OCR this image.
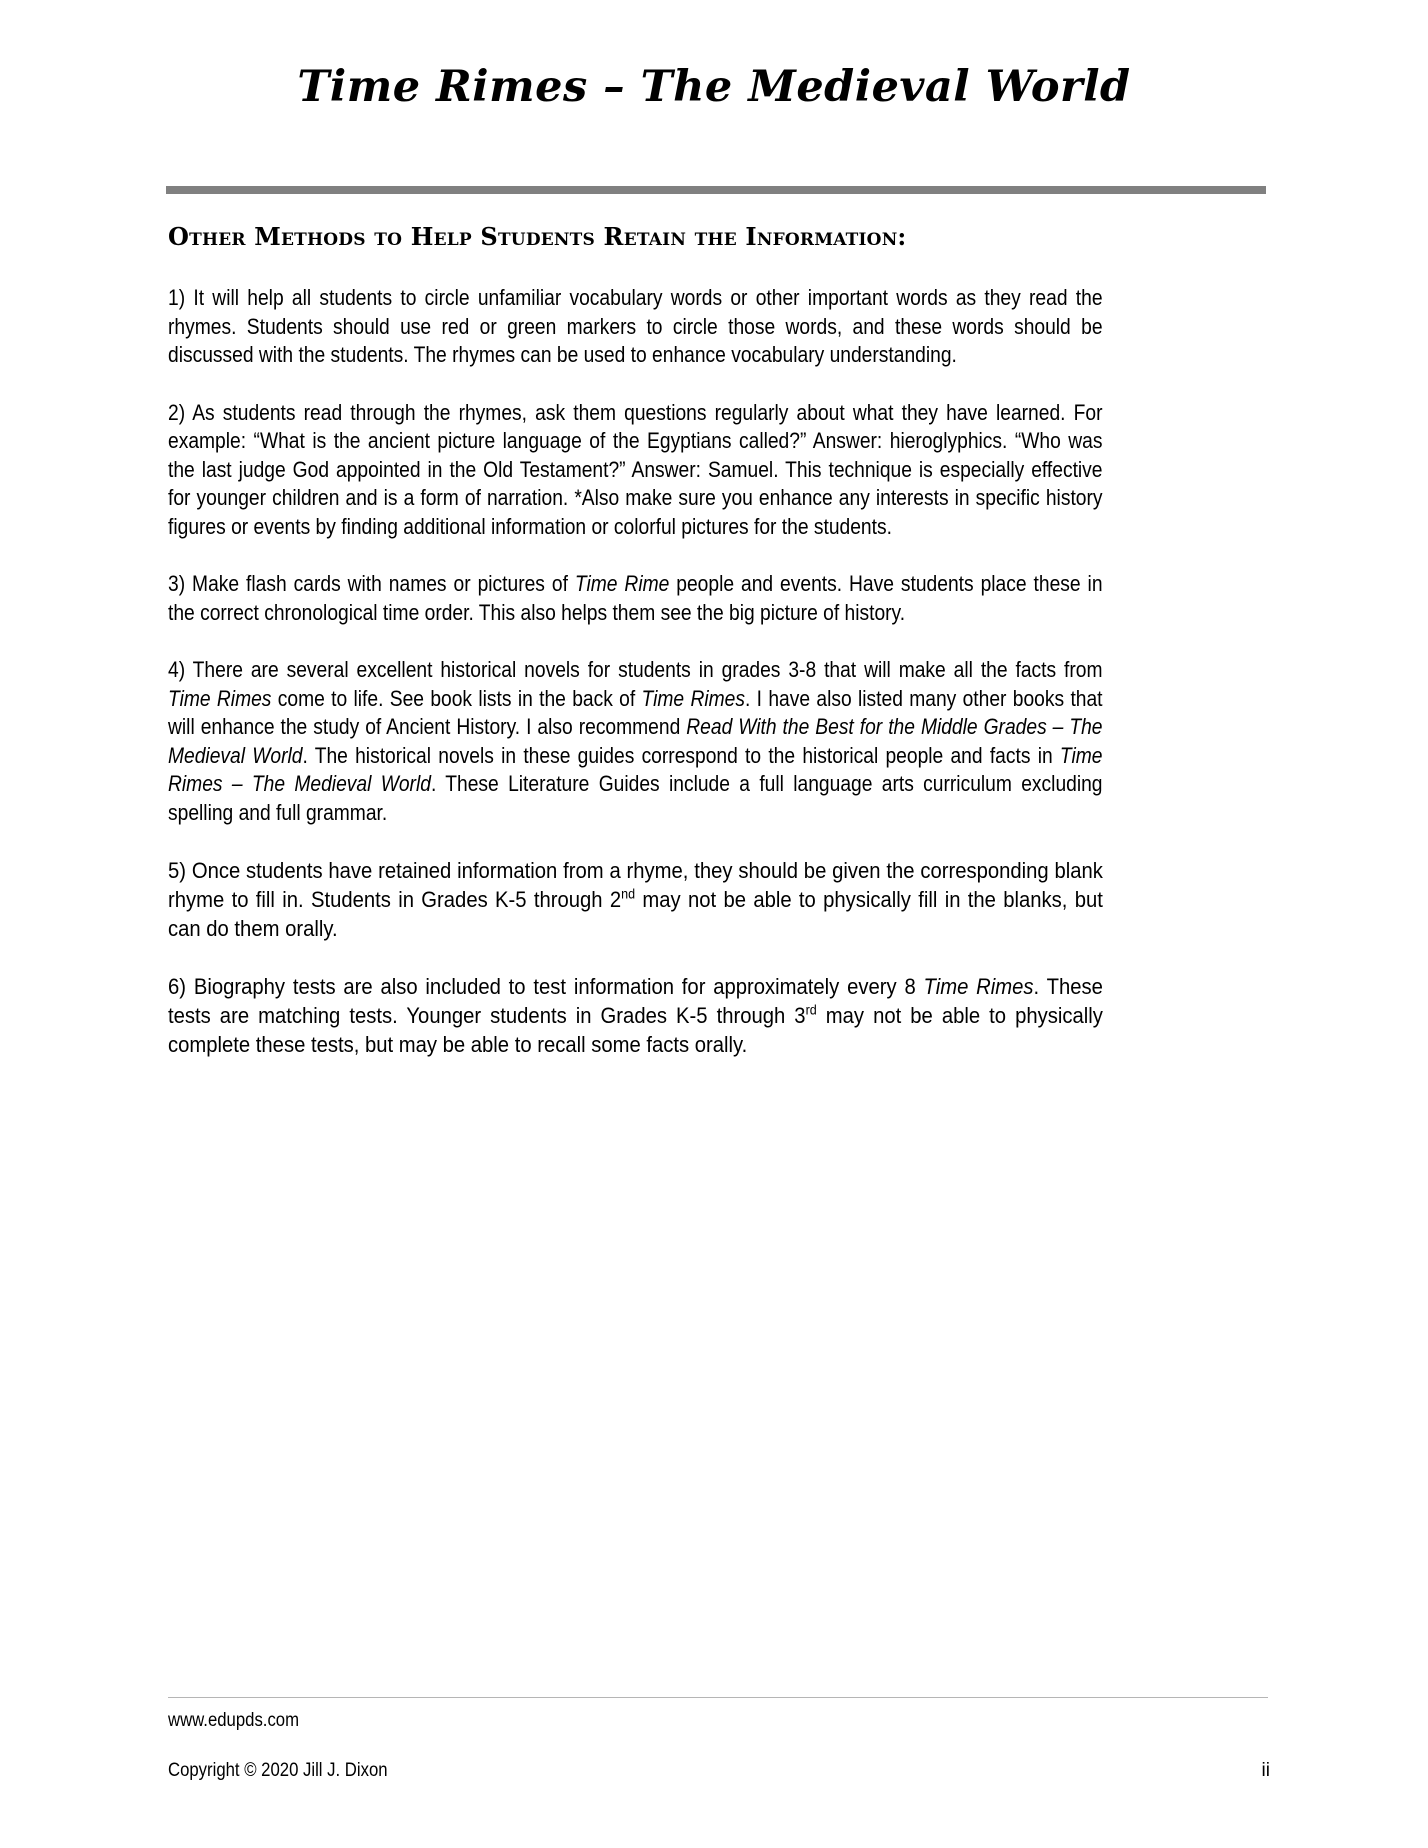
Time Rimes – The Medieval World
Other Methods to Help Students Retain the Information:

1) It will help all students to circle unfamiliar vocabulary words or other important words as they read the rhymes. Students should use red or green markers to circle those words, and these words should be discussed with the students. The rhymes can be used to enhance vocabulary understanding.

2) As students read through the rhymes, ask them questions regularly about what they have learned. For example: “What is the ancient picture language of the Egyptians called?” Answer: hieroglyphics. “Who was the last judge God appointed in the Old Testament?” Answer: Samuel. This technique is especially effective for younger children and is a form of narration. *Also make sure you enhance any interests in specific history figures or events by finding additional information or colorful pictures for the students.

3) Make flash cards with names or pictures of Time Rime people and events. Have students place these in the correct chronological time order. This also helps them see the big picture of history.

4) There are several excellent historical novels for students in grades 3-8 that will make all the facts from Time Rimes come to life. See book lists in the back of Time Rimes. I have also listed many other books that will enhance the study of Ancient History. I also recommend Read With the Best for the Middle Grades – The Medieval World. The historical novels in these guides correspond to the historical people and facts in Time Rimes – The Medieval World. These Literature Guides include a full language arts curriculum excluding spelling and full grammar.

5) Once students have retained information from a rhyme, they should be given the corresponding blank rhyme to fill in. Students in Grades K-5 through 2nd may not be able to physically fill in the blanks, but can do them orally.

6) Biography tests are also included to test information for approximately every 8 Time Rimes. These tests are matching tests. Younger students in Grades K-5 through 3rd may not be able to physically complete these tests, but may be able to recall some facts orally.

www.edupds.com
Copyright © 2020 Jill J. Dixon	ii
